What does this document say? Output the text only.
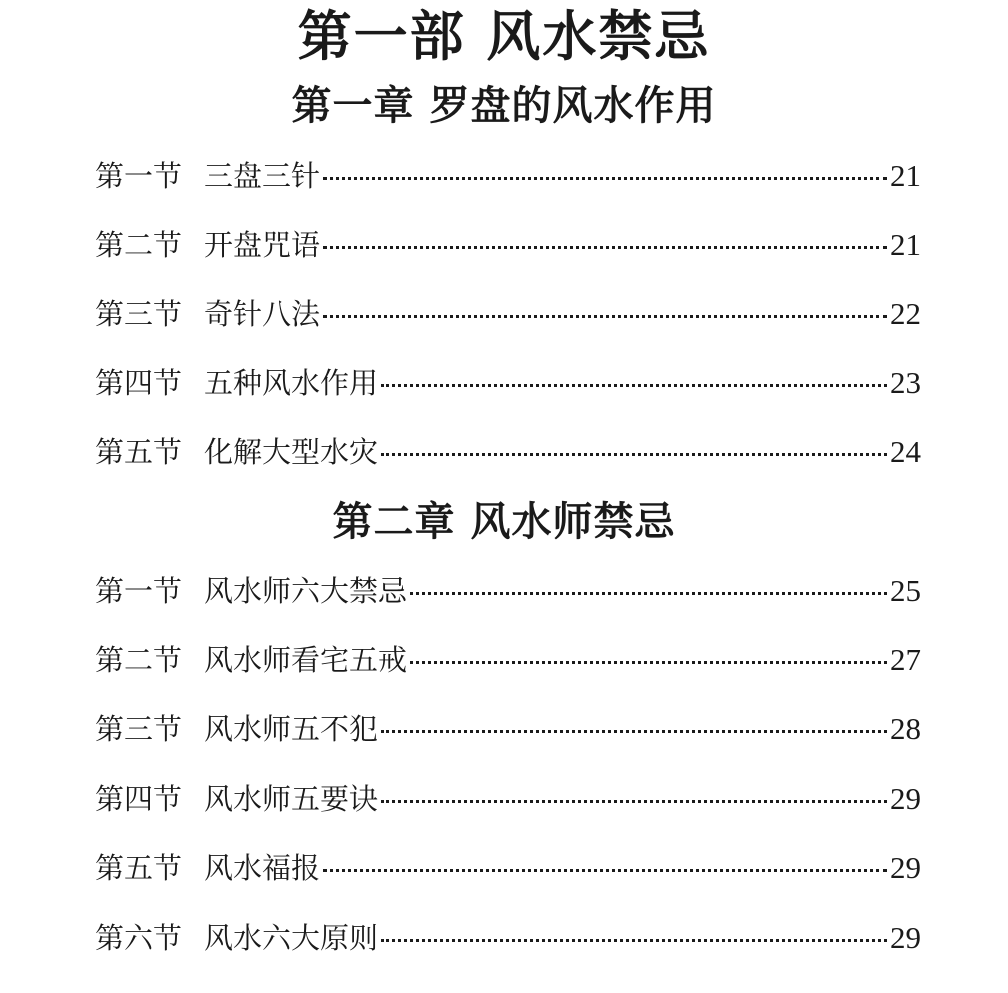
第一部 风水禁忌
第一章 罗盘的风水作用
第一节 三盘三针	21
第二节 开盘咒语	21
第三节 奇针八法	22
第四节 五种风水作用	23
第五节 化解大型水灾	24
第二章 风水师禁忌
第一节 风水师六大禁忌	25
第二节 风水师看宅五戒	27
第三节 风水师五不犯	28
第四节 风水师五要诀	29
第五节 风水福报	29
第六节 风水六大原则	29
